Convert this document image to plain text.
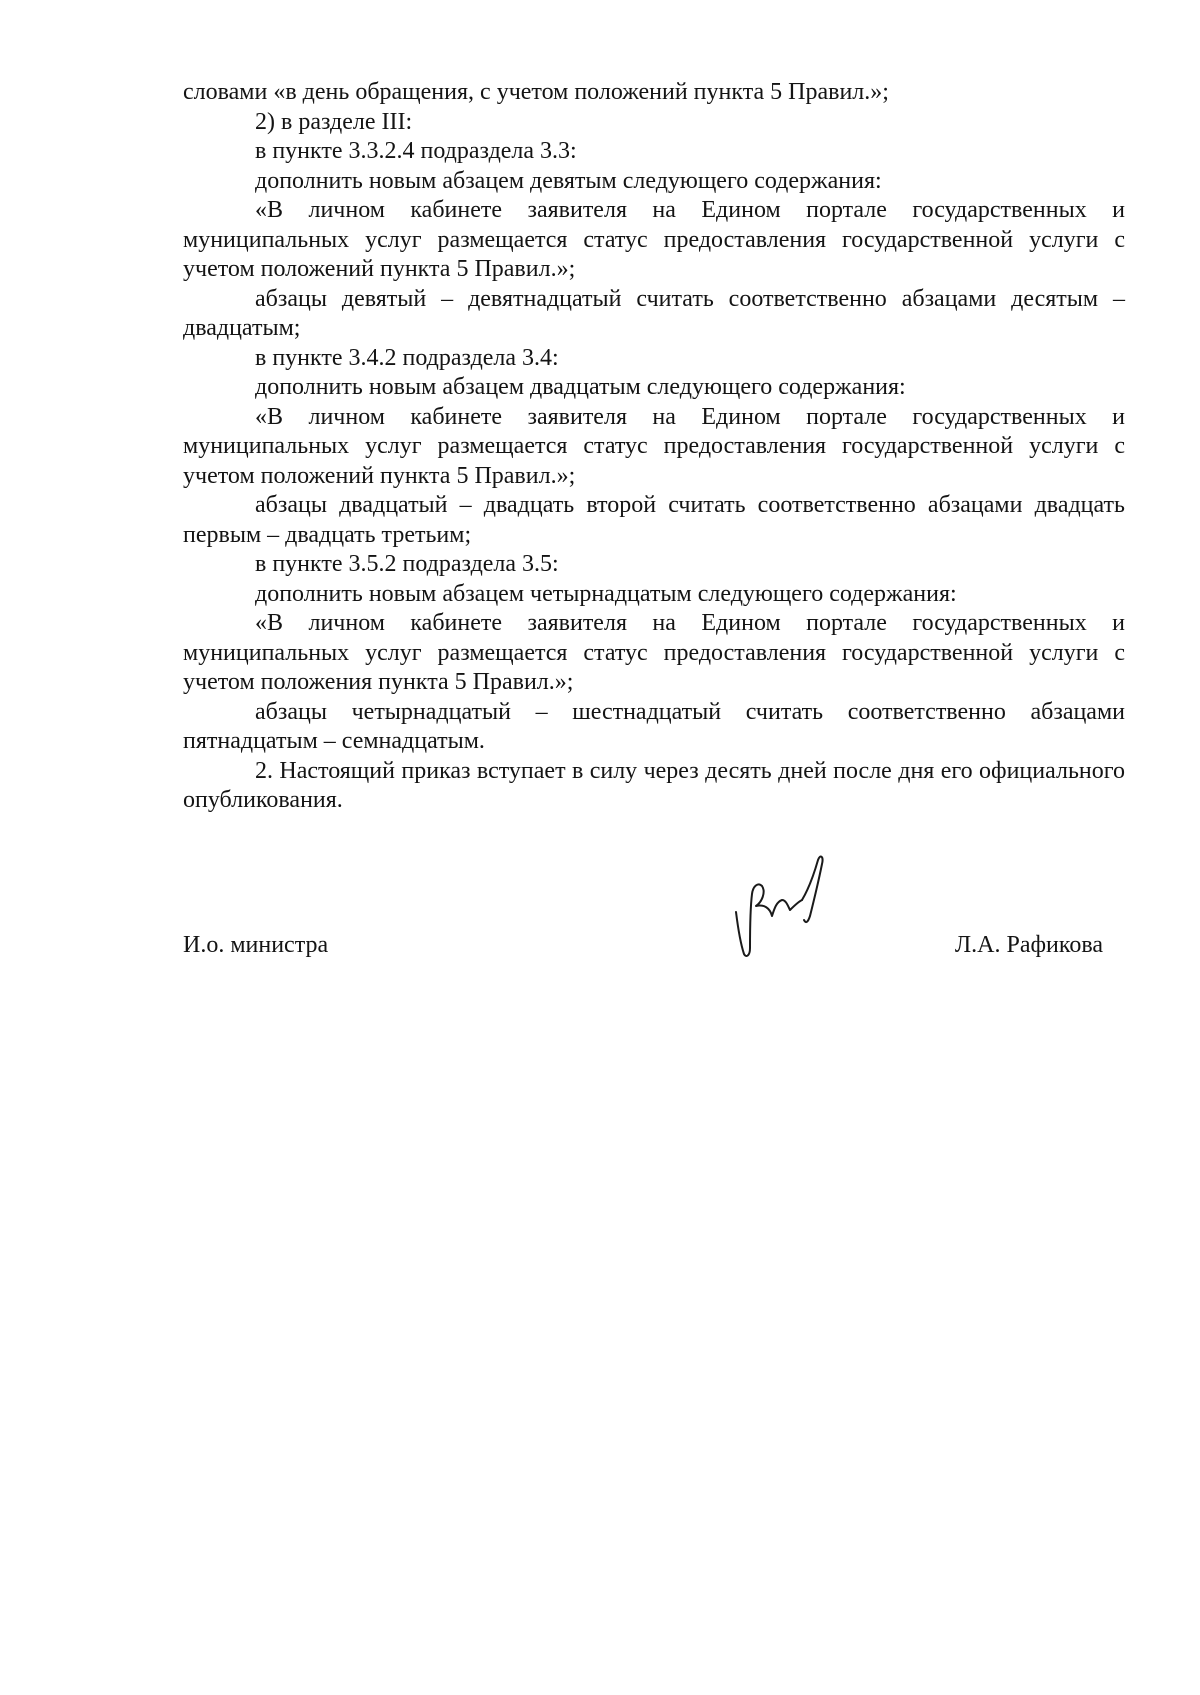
словами «в день обращения, с учетом положений пункта 5 Правил.»;

2) в разделе III:

в пункте 3.3.2.4 подраздела 3.3:

дополнить новым абзацем девятым следующего содержания:

«В личном кабинете заявителя на Едином портале государственных и муниципальных услуг размещается статус предоставления государственной услуги с учетом положений пункта 5 Правил.»;

абзацы девятый – девятнадцатый считать соответственно абзацами десятым – двадцатым;

в пункте 3.4.2 подраздела 3.4:

дополнить новым абзацем двадцатым следующего содержания:

«В личном кабинете заявителя на Едином портале государственных и муниципальных услуг размещается статус предоставления государственной услуги с учетом положений пункта 5 Правил.»;

абзацы двадцатый – двадцать второй считать соответственно абзацами двадцать первым – двадцать третьим;

в пункте 3.5.2 подраздела 3.5:

дополнить новым абзацем четырнадцатым следующего содержания:

«В личном кабинете заявителя на Едином портале государственных и муниципальных услуг размещается статус предоставления государственной услуги с учетом положения пункта 5 Правил.»;

абзацы четырнадцатый – шестнадцатый считать соответственно абзацами пятнадцатым – семнадцатым.

2. Настоящий приказ вступает в силу через десять дней после дня его официального опубликования.

И.о. министра	Л.А. Рафикова
